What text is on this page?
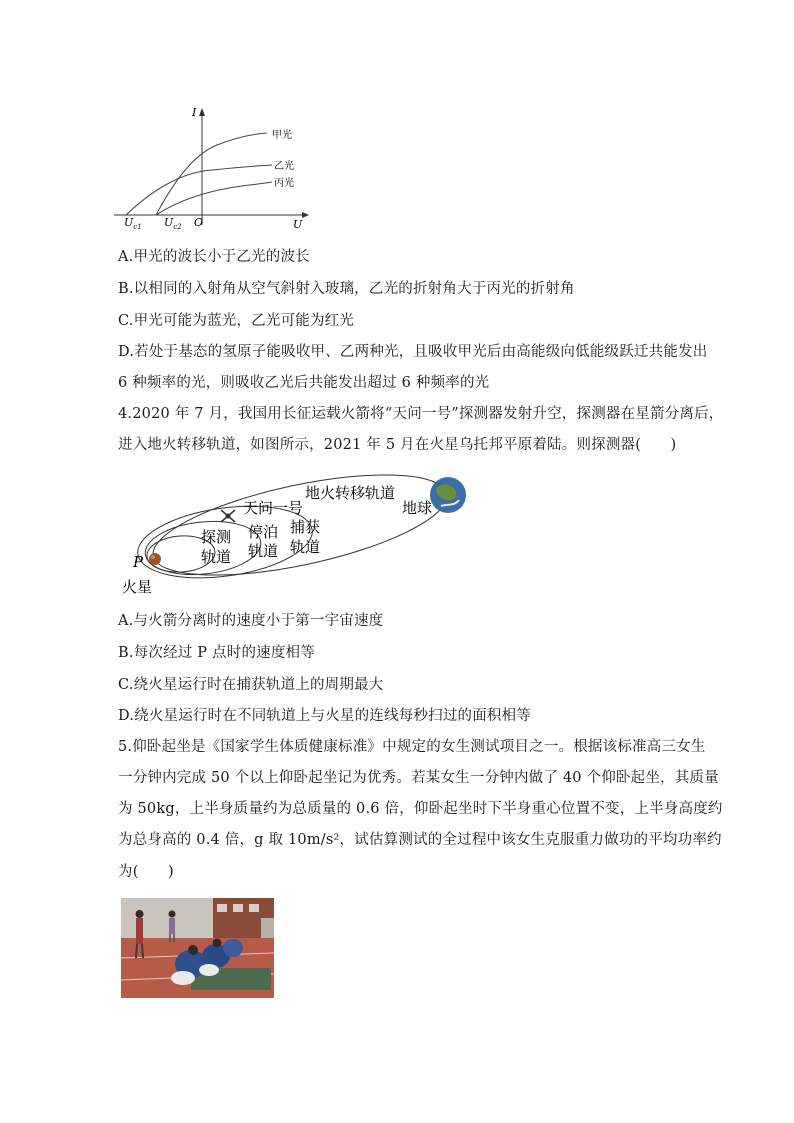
I
U
O
$U_{c1}$ $U_{c2}$
甲光
乙光
丙光
A.甲光的波长小于乙光的波长
B.以相同的入射角从空气斜射入玻璃，乙光的折射角大于丙光的折射角
C.甲光可能为蓝光，乙光可能为红光
D.若处于基态的氢原子能吸收甲、乙两种光，且吸收甲光后由高能级向低能级跃迁共能发出
6 种频率的光，则吸收乙光后共能发出超过 6 种频率的光
4.2020 年 7 月，我国用长征运载火箭将“天问一号”探测器发射升空，探测器在星箭分离后，
进入地火转移轨道，如图所示，2021 年 5 月在火星乌托邦平原着陆。则探测器(　　)
地火转移轨道
天问一号	地球
探测
轨道
停泊
轨道
捕获
轨道
P
火星
A.与火箭分离时的速度小于第一宇宙速度
B.每次经过 P 点时的速度相等
C.绕火星运行时在捕获轨道上的周期最大
D.绕火星运行时在不同轨道上与火星的连线每秒扫过的面积相等
5.仰卧起坐是《国家学生体质健康标准》中规定的女生测试项目之一。根据该标准高三女生
一分钟内完成 50 个以上仰卧起坐记为优秀。若某女生一分钟内做了 40 个仰卧起坐，其质量
为 50kg，上半身质量约为总质量的 0.6 倍，仰卧起坐时下半身重心位置不变，上半身高度约
为总身高的 0.4 倍，g 取 10m/s²，试估算测试的全过程中该女生克服重力做功的平均功率约
为(　　)
